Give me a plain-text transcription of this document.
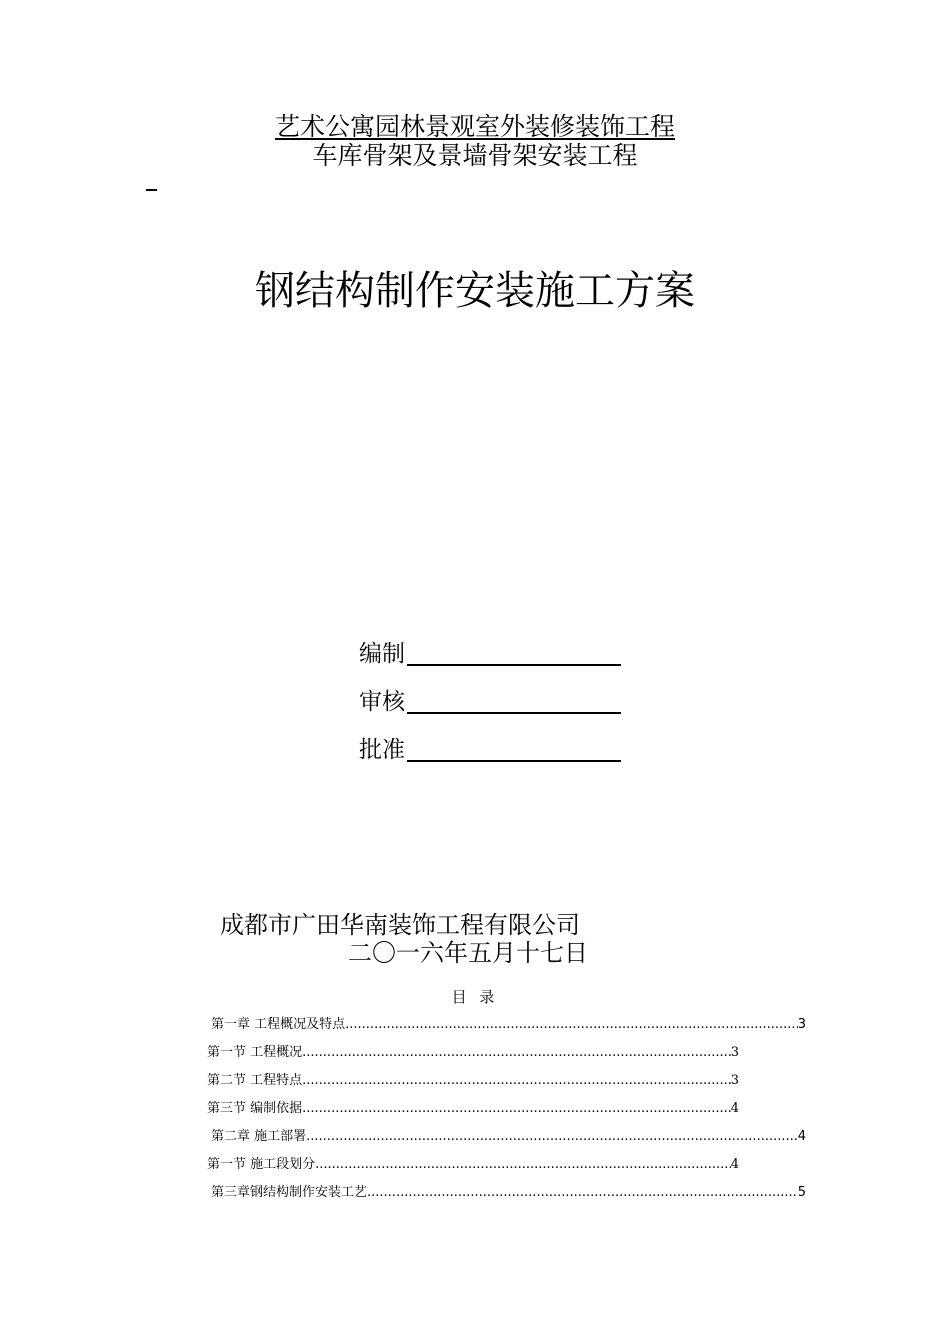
艺术公寓园林景观室外装修装饰工程
车库骨架及景墙骨架安装工程
钢结构制作安装施工方案
编制
审核
批准
成都市广田华南装饰工程有限公司
二〇一六年五月十七日
目 录
第一章 工程概况及特点 .....	3
第一节 工程概况 .....	3
第二节 工程特点 .....	3
第三节 编制依据 .....	4
第二章 施工部署 .....	4
第一节 施工段划分 .....	4
第三章钢结构制作安装工艺 .....	5
